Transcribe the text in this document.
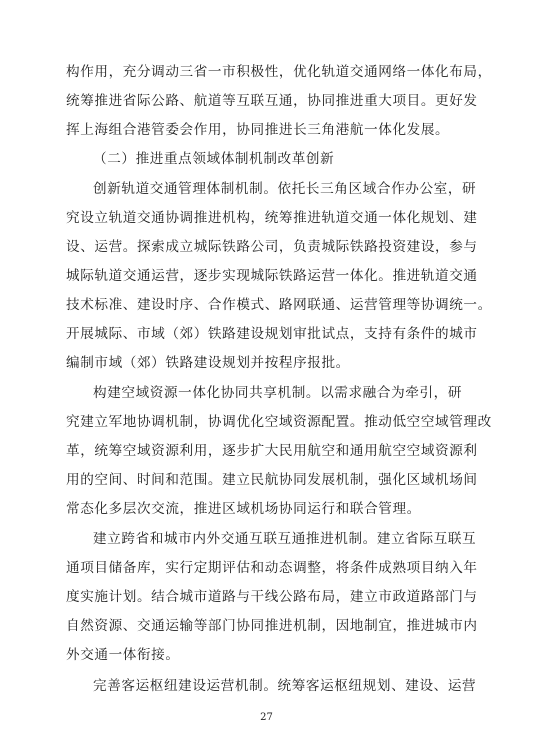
构作用，充分调动三省一市积极性，优化轨道交通网络一体化布局，
统筹推进省际公路、航道等互联互通，协同推进重大项目。更好发
挥上海组合港管委会作用，协同推进长三角港航一体化发展。
（二）推进重点领域体制机制改革创新
创新轨道交通管理体制机制。依托长三角区域合作办公室，研
究设立轨道交通协调推进机构，统筹推进轨道交通一体化规划、建
设、运营。探索成立城际铁路公司，负责城际铁路投资建设，参与
城际轨道交通运营，逐步实现城际铁路运营一体化。推进轨道交通
技术标准、建设时序、合作模式、路网联通、运营管理等协调统一。
开展城际、市域（郊）铁路建设规划审批试点，支持有条件的城市
编制市域（郊）铁路建设规划并按程序报批。
构建空域资源一体化协同共享机制。以需求融合为牵引，研
究建立军地协调机制，协调优化空域资源配置。推动低空空域管理改
革，统筹空域资源利用，逐步扩大民用航空和通用航空空域资源利
用的空间、时间和范围。建立民航协同发展机制，强化区域机场间
常态化多层次交流，推进区域机场协同运行和联合管理。
建立跨省和城市内外交通互联互通推进机制。建立省际互联互
通项目储备库，实行定期评估和动态调整，将条件成熟项目纳入年
度实施计划。结合城市道路与干线公路布局，建立市政道路部门与
自然资源、交通运输等部门协同推进机制，因地制宜，推进城市内
外交通一体衔接。
完善客运枢纽建设运营机制。统筹客运枢纽规划、建设、运营
27
